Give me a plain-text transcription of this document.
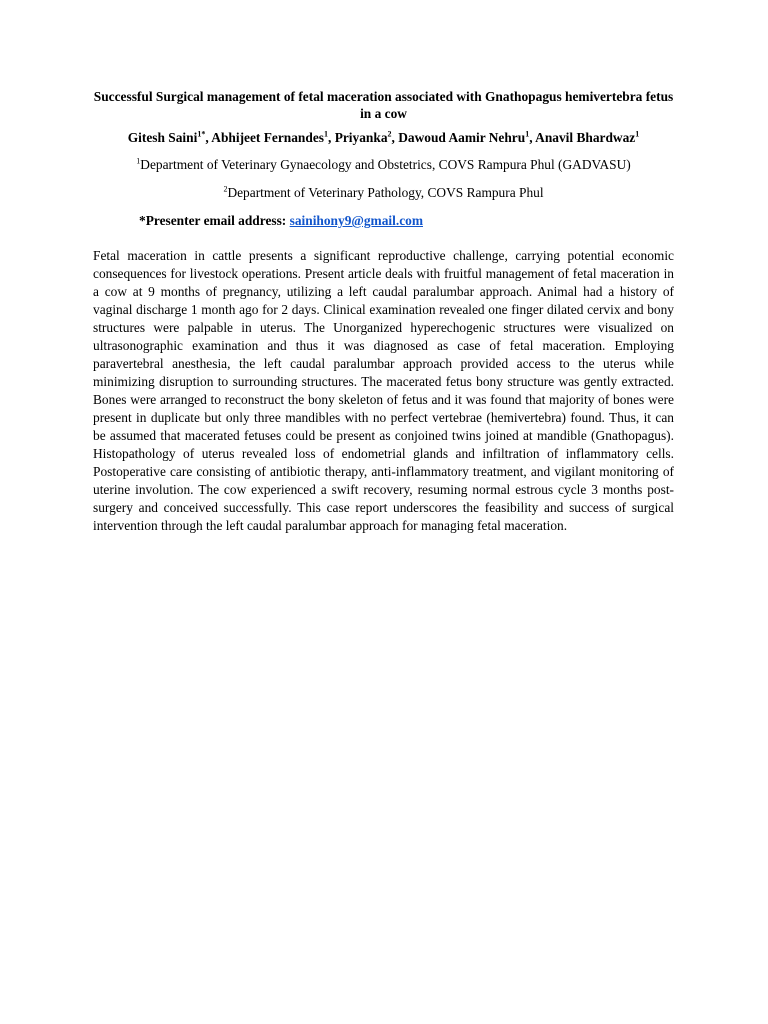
Successful Surgical management of fetal maceration associated with Gnathopagus hemivertebra fetus in a cow
Gitesh Saini$^{1*}$, Abhijeet Fernandes$^1$, Priyanka$^2$, Dawoud Aamir Nehru$^1$, Anavil Bhardwaz$^1$

$^1$Department of Veterinary Gynaecology and Obstetrics, COVS Rampura Phul (GADVASU)

$^2$Department of Veterinary Pathology, COVS Rampura Phul

*Presenter email address: sainihony9@gmail.com

Fetal maceration in cattle presents a significant reproductive challenge, carrying potential economic consequences for livestock operations. Present article deals with fruitful management of fetal maceration in a cow at 9 months of pregnancy, utilizing a left caudal paralumbar approach. Animal had a history of vaginal discharge 1 month ago for 2 days. Clinical examination revealed one finger dilated cervix and bony structures were palpable in uterus. The Unorganized hyperechogenic structures were visualized on ultrasonographic examination and thus it was diagnosed as case of fetal maceration. Employing paravertebral anesthesia, the left caudal paralumbar approach provided access to the uterus while minimizing disruption to surrounding structures. The macerated fetus bony structure was gently extracted. Bones were arranged to reconstruct the bony skeleton of fetus and it was found that majority of bones were present in duplicate but only three mandibles with no perfect vertebrae (hemivertebra) found. Thus, it can be assumed that macerated fetuses could be present as conjoined twins joined at mandible (Gnathopagus). Histopathology of uterus revealed loss of endometrial glands and infiltration of inflammatory cells. Postoperative care consisting of antibiotic therapy, anti-inflammatory treatment, and vigilant monitoring of uterine involution. The cow experienced a swift recovery, resuming normal estrous cycle 3 months post-surgery and conceived successfully. This case report underscores the feasibility and success of surgical intervention through the left caudal paralumbar approach for managing fetal maceration.
